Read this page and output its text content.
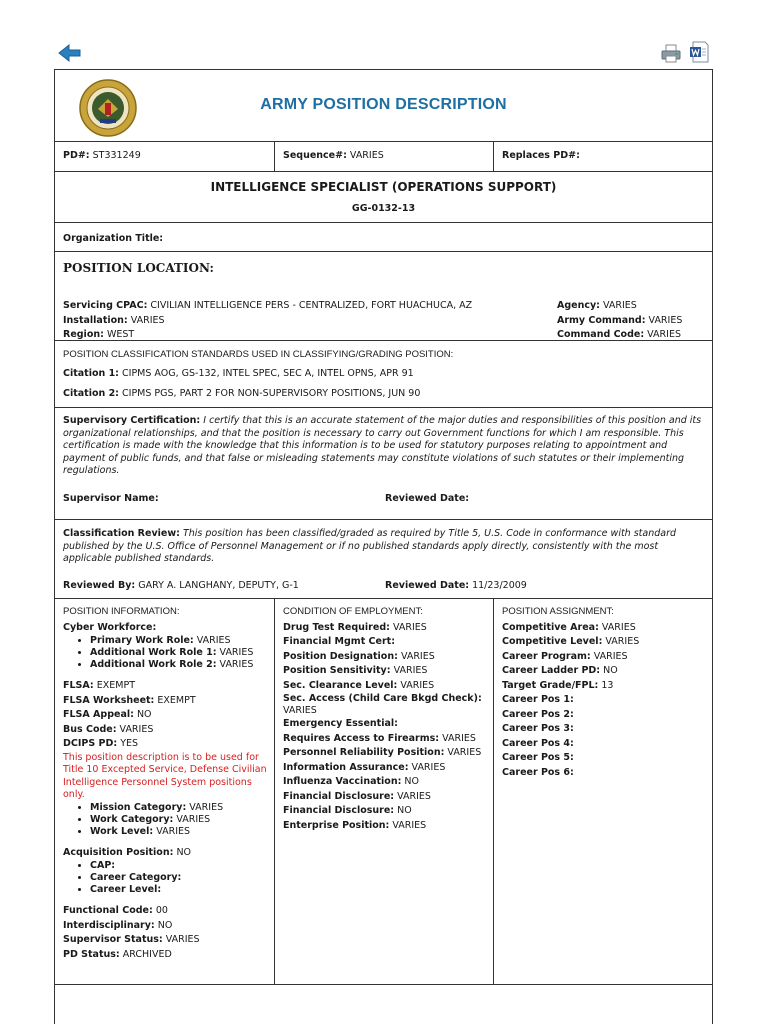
ARMY POSITION DESCRIPTION
PD#: ST331249	Sequence#: VARIES	Replaces PD#:
INTELLIGENCE SPECIALIST (OPERATIONS SUPPORT)
GG-0132-13
Organization Title:
POSITION LOCATION:
Servicing CPAC: CIVILIAN INTELLIGENCE PERS - CENTRALIZED, FORT HUACHUCA, AZ
Installation: VARIES
Region: WEST
Agency: VARIES
Army Command: VARIES
Command Code: VARIES
POSITION CLASSIFICATION STANDARDS USED IN CLASSIFYING/GRADING POSITION:
Citation 1: CIPMS AOG, GS-132, INTEL SPEC, SEC A, INTEL OPNS, APR 91
Citation 2: CIPMS PGS, PART 2 FOR NON-SUPERVISORY POSITIONS, JUN 90
Supervisory Certification: I certify that this is an accurate statement of the major duties and responsibilities of this position and its organizational relationships, and that the position is necessary to carry out Government functions for which I am responsible. This certification is made with the knowledge that this information is to be used for statutory purposes relating to appointment and payment of public funds, and that false or misleading statements may constitute violations of such statutes or their implementing regulations.
Supervisor Name:	Reviewed Date:
Classification Review: This position has been classified/graded as required by Title 5, U.S. Code in conformance with standard published by the U.S. Office of Personnel Management or if no published standards apply directly, consistently with the most applicable published standards.
Reviewed By: GARY A. LANGHANY, DEPUTY, G-1	Reviewed Date: 11/23/2009
POSITION INFORMATION:
Cyber Workforce:
• Primary Work Role: VARIES
• Additional Work Role 1: VARIES
• Additional Work Role 2: VARIES
FLSA: EXEMPT
FLSA Worksheet: EXEMPT
FLSA Appeal: NO
Bus Code: VARIES
DCIPS PD: YES
This position description is to be used for Title 10 Excepted Service, Defense Civilian Intelligence Personnel System positions only.
• Mission Category: VARIES
• Work Category: VARIES
• Work Level: VARIES
Acquisition Position: NO
• CAP:
• Career Category:
• Career Level:
Functional Code: 00
Interdisciplinary: NO
Supervisor Status: VARIES
PD Status: ARCHIVED
CONDITION OF EMPLOYMENT:
Drug Test Required: VARIES
Financial Mgmt Cert:
Position Designation: VARIES
Position Sensitivity: VARIES
Sec. Clearance Level: VARIES
Sec. Access (Child Care Bkgd Check): VARIES
Emergency Essential:
Requires Access to Firearms: VARIES
Personnel Reliability Position: VARIES
Information Assurance: VARIES
Influenza Vaccination: NO
Financial Disclosure: VARIES
Financial Disclosure: NO
Enterprise Position: VARIES
POSITION ASSIGNMENT:
Competitive Area: VARIES
Competitive Level: VARIES
Career Program: VARIES
Career Ladder PD: NO
Target Grade/FPL: 13
Career Pos 1:
Career Pos 2:
Career Pos 3:
Career Pos 4:
Career Pos 5:
Career Pos 6:
